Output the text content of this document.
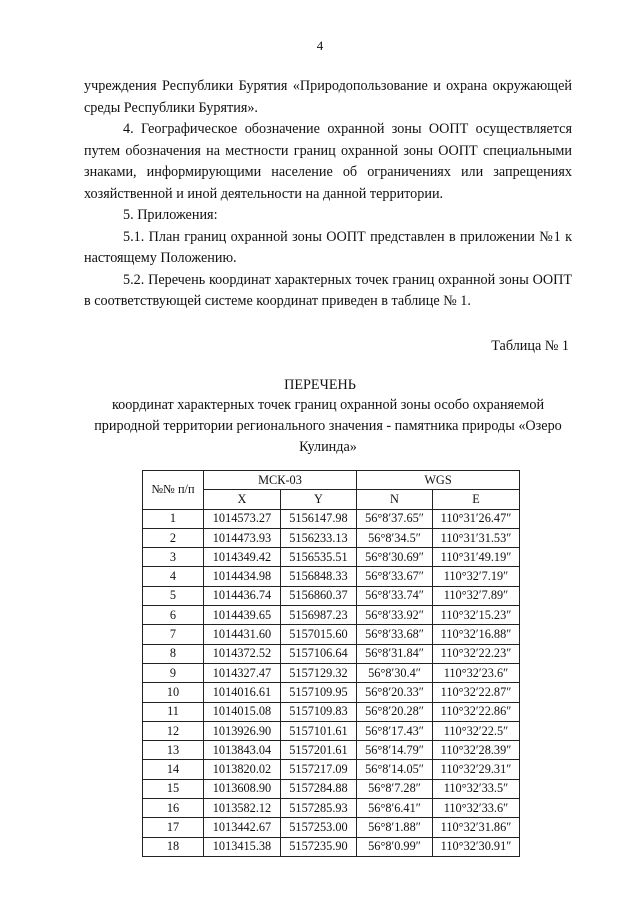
4

учреждения Республики Бурятия «Природопользование и охрана окружающей среды Республики Бурятия».

4. Географическое обозначение охранной зоны ООПТ осуществляется путем обозначения на местности границ охранной зоны ООПТ специальными знаками, информирующими население об ограничениях или запрещениях хозяйственной и иной деятельности на данной территории.

5. Приложения:

5.1. План границ охранной зоны ООПТ представлен в приложении №1 к настоящему Положению.

5.2. Перечень координат характерных точек границ охранной зоны ООПТ в соответствующей системе координат приведен в таблице № 1.

Таблица № 1
ПЕРЕЧЕНЬ
координат характерных точек границ охранной зоны особо охраняемой природной территории регионального значения - памятника природы «Озеро Кулинда»
№№ п/п	МСК-03		WGS	
	X	Y	N	E
1	1014573.27	5156147.98	56°8′37.65″	110°31′26.47″
2	1014473.93	5156233.13	56°8′34.5″	110°31′31.53″
3	1014349.42	5156535.51	56°8′30.69″	110°31′49.19″
4	1014434.98	5156848.33	56°8′33.67″	110°32′7.19″
5	1014436.74	5156860.37	56°8′33.74″	110°32′7.89″
6	1014439.65	5156987.23	56°8′33.92″	110°32′15.23″
7	1014431.60	5157015.60	56°8′33.68″	110°32′16.88″
8	1014372.52	5157106.64	56°8′31.84″	110°32′22.23″
9	1014327.47	5157129.32	56°8′30.4″	110°32′23.6″
10	1014016.61	5157109.95	56°8′20.33″	110°32′22.87″
11	1014015.08	5157109.83	56°8′20.28″	110°32′22.86″
12	1013926.90	5157101.61	56°8′17.43″	110°32′22.5″
13	1013843.04	5157201.61	56°8′14.79″	110°32′28.39″
14	1013820.02	5157217.09	56°8′14.05″	110°32′29.31″
15	1013608.90	5157284.88	56°8′7.28″	110°32′33.5″
16	1013582.12	5157285.93	56°8′6.41″	110°32′33.6″
17	1013442.67	5157253.00	56°8′1.88″	110°32′31.86″
18	1013415.38	5157235.90	56°8′0.99″	110°32′30.91″
